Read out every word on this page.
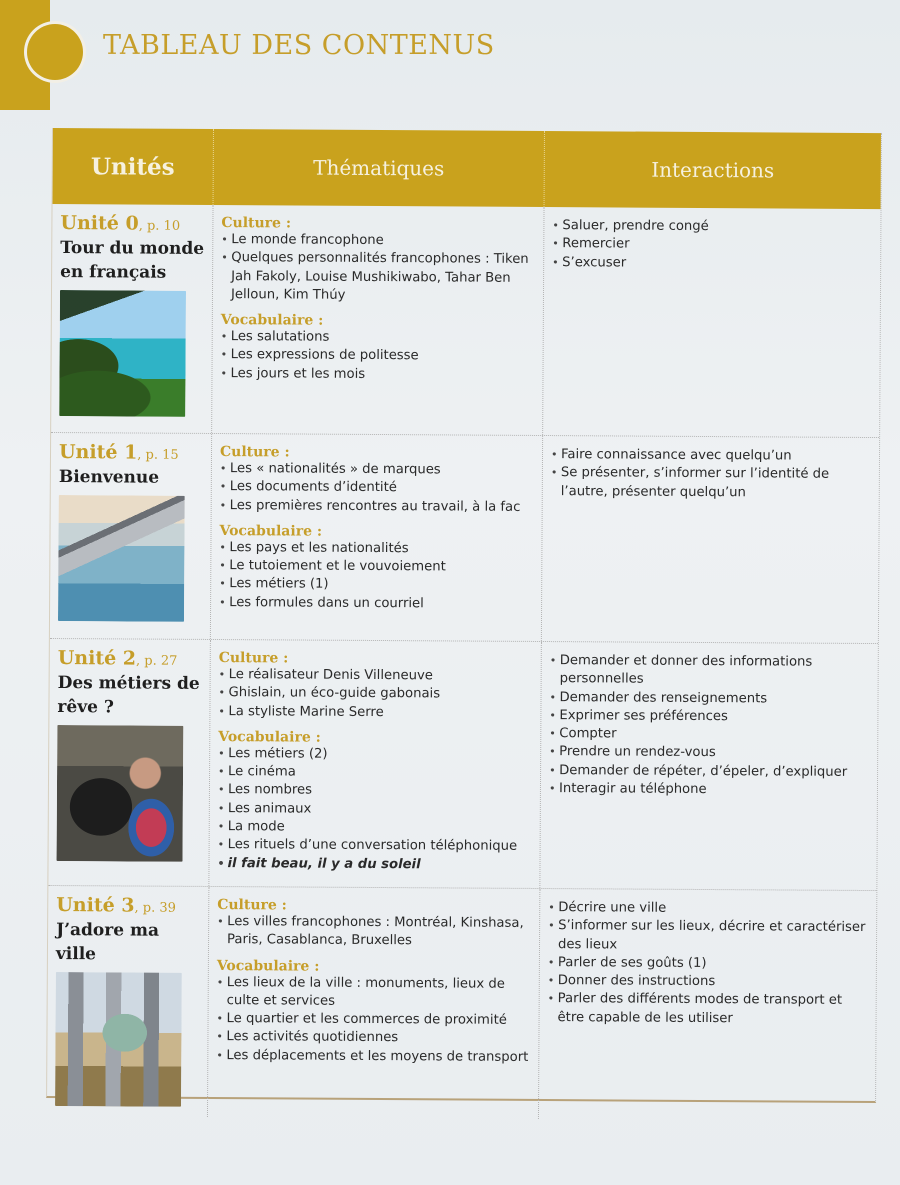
TABLEAU DES CONTENUS
Unités	Thématiques	Interactions
Unité 0, p. 10
Tour du monde en français
Culture :
• Le monde francophone
• Quelques personnalités francophones : Tiken Jah Fakoly, Louise Mushikiwabo, Tahar Ben Jelloun, Kim Thúy
Vocabulaire :
• Les salutations
• Les expressions de politesse
• Les jours et les mois
• Saluer, prendre congé
• Remercier
• S’excuser
Unité 1, p. 15
Bienvenue
Culture :
• Les « nationalités » de marques
• Les documents d’identité
• Les premières rencontres au travail, à la fac
Vocabulaire :
• Les pays et les nationalités
• Le tutoiement et le vouvoiement
• Les métiers (1)
• Les formules dans un courriel
• Faire connaissance avec quelqu’un
• Se présenter, s’informer sur l’identité de l’autre, présenter quelqu’un
Unité 2, p. 27
Des métiers de rêve ?
Culture :
• Le réalisateur Denis Villeneuve
• Ghislain, un éco-guide gabonais
• La styliste Marine Serre
Vocabulaire :
• Les métiers (2)
• Le cinéma
• Les nombres
• Les animaux
• La mode
• Les rituels d’une conversation téléphonique
• il fait beau, il y a du soleil
• Demander et donner des informations personnelles
• Demander des renseignements
• Exprimer ses préférences
• Compter
• Prendre un rendez-vous
• Demander de répéter, d’épeler, d’expliquer
• Interagir au téléphone
Unité 3, p. 39
J’adore ma ville
Culture :
• Les villes francophones : Montréal, Kinshasa, Paris, Casablanca, Bruxelles
Vocabulaire :
• Les lieux de la ville : monuments, lieux de culte et services
• Le quartier et les commerces de proximité
• Les activités quotidiennes
• Les déplacements et les moyens de transport
• Décrire une ville
• S’informer sur les lieux, décrire et caractériser des lieux
• Parler de ses goûts (1)
• Donner des instructions
• Parler des différents modes de transport et être capable de les utiliser
